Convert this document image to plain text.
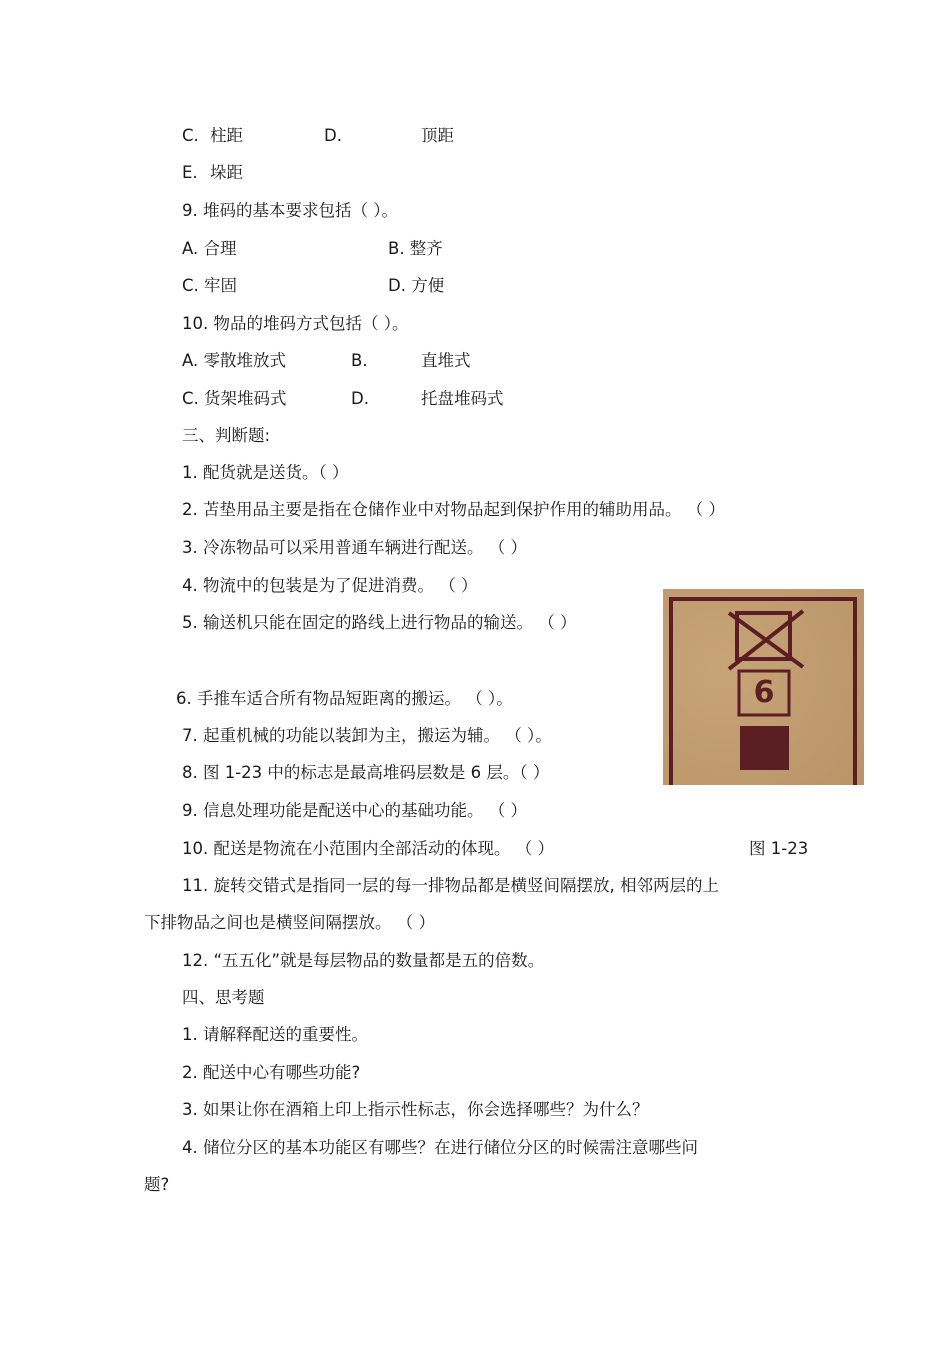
C. 柱距	D.	顶距
E. 垛距
9. 堆码的基本要求包括（ ）。
A. 合理	B. 整齐
C. 牢固	D. 方便
10. 物品的堆码方式包括（ ）。
A. 零散堆放式	B.	直堆式
C. 货架堆码式	D.	托盘堆码式
三、判断题:
1. 配货就是送货。（ ）
2. 苫垫用品主要是指在仓储作业中对物品起到保护作用的辅助用品。 （ ）
3. 冷冻物品可以采用普通车辆进行配送。 （ ）
4. 物流中的包装是为了促进消费。 （ ）
5. 输送机只能在固定的路线上进行物品的输送。 （ ）
6. 手推车适合所有物品短距离的搬运。 （ ）。
7. 起重机械的功能以装卸为主，搬运为辅。 （ ）。
8. 图 1-23 中的标志是最高堆码层数是 6 层。（ ）
9. 信息处理功能是配送中心的基础功能。 （ ）
10. 配送是物流在小范围内全部活动的体现。 （ ）
11. 旋转交错式是指同一层的每一排物品都是横竖间隔摆放, 相邻两层的上
下排物品之间也是横竖间隔摆放。 （ ）
12. “五五化”就是每层物品的数量都是五的倍数。
6
图 1-23
四、思考题
1. 请解释配送的重要性。
2. 配送中心有哪些功能?
3. 如果让你在酒箱上印上指示性标志，你会选择哪些？为什么？
4. 储位分区的基本功能区有哪些？在进行储位分区的时候需注意哪些问
题?
